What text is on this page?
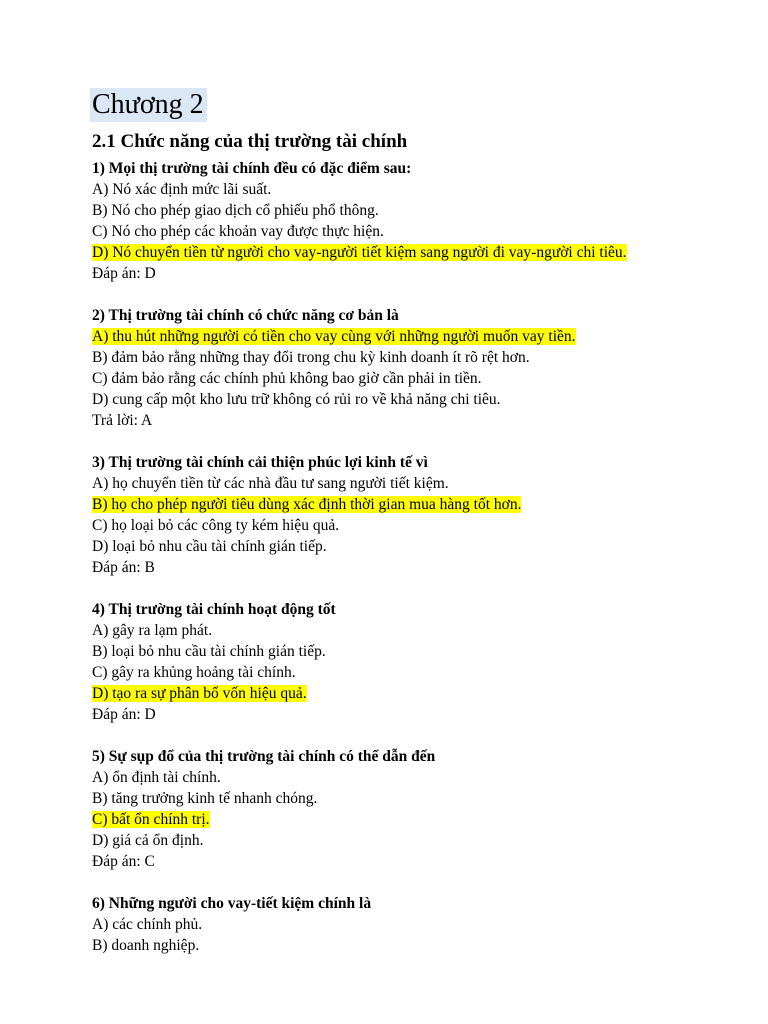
Chương 2
2.1 Chức năng của thị trường tài chính
1) Mọi thị trường tài chính đều có đặc điểm sau:
A) Nó xác định mức lãi suất.
B) Nó cho phép giao dịch cổ phiếu phổ thông.
C) Nó cho phép các khoản vay được thực hiện.
D) Nó chuyển tiền từ người cho vay-người tiết kiệm sang người đi vay-người chi tiêu.
Đáp án: D
2) Thị trường tài chính có chức năng cơ bản là
A) thu hút những người có tiền cho vay cùng với những người muốn vay tiền.
B) đảm bảo rằng những thay đổi trong chu kỳ kinh doanh ít rõ rệt hơn.
C) đảm bảo rằng các chính phủ không bao giờ cần phải in tiền.
D) cung cấp một kho lưu trữ không có rủi ro về khả năng chi tiêu.
Trả lời: A
3) Thị trường tài chính cải thiện phúc lợi kinh tế vì
A) họ chuyển tiền từ các nhà đầu tư sang người tiết kiệm.
B) họ cho phép người tiêu dùng xác định thời gian mua hàng tốt hơn.
C) họ loại bỏ các công ty kém hiệu quả.
D) loại bỏ nhu cầu tài chính gián tiếp.
Đáp án: B
4) Thị trường tài chính hoạt động tốt
A) gây ra lạm phát.
B) loại bỏ nhu cầu tài chính gián tiếp.
C) gây ra khủng hoảng tài chính.
D) tạo ra sự phân bổ vốn hiệu quả.
Đáp án: D
5) Sự sụp đổ của thị trường tài chính có thể dẫn đến
A) ổn định tài chính.
B) tăng trưởng kinh tế nhanh chóng.
C) bất ổn chính trị.
D) giá cả ổn định.
Đáp án: C
6) Những người cho vay-tiết kiệm chính là
A) các chính phủ.
B) doanh nghiệp.
